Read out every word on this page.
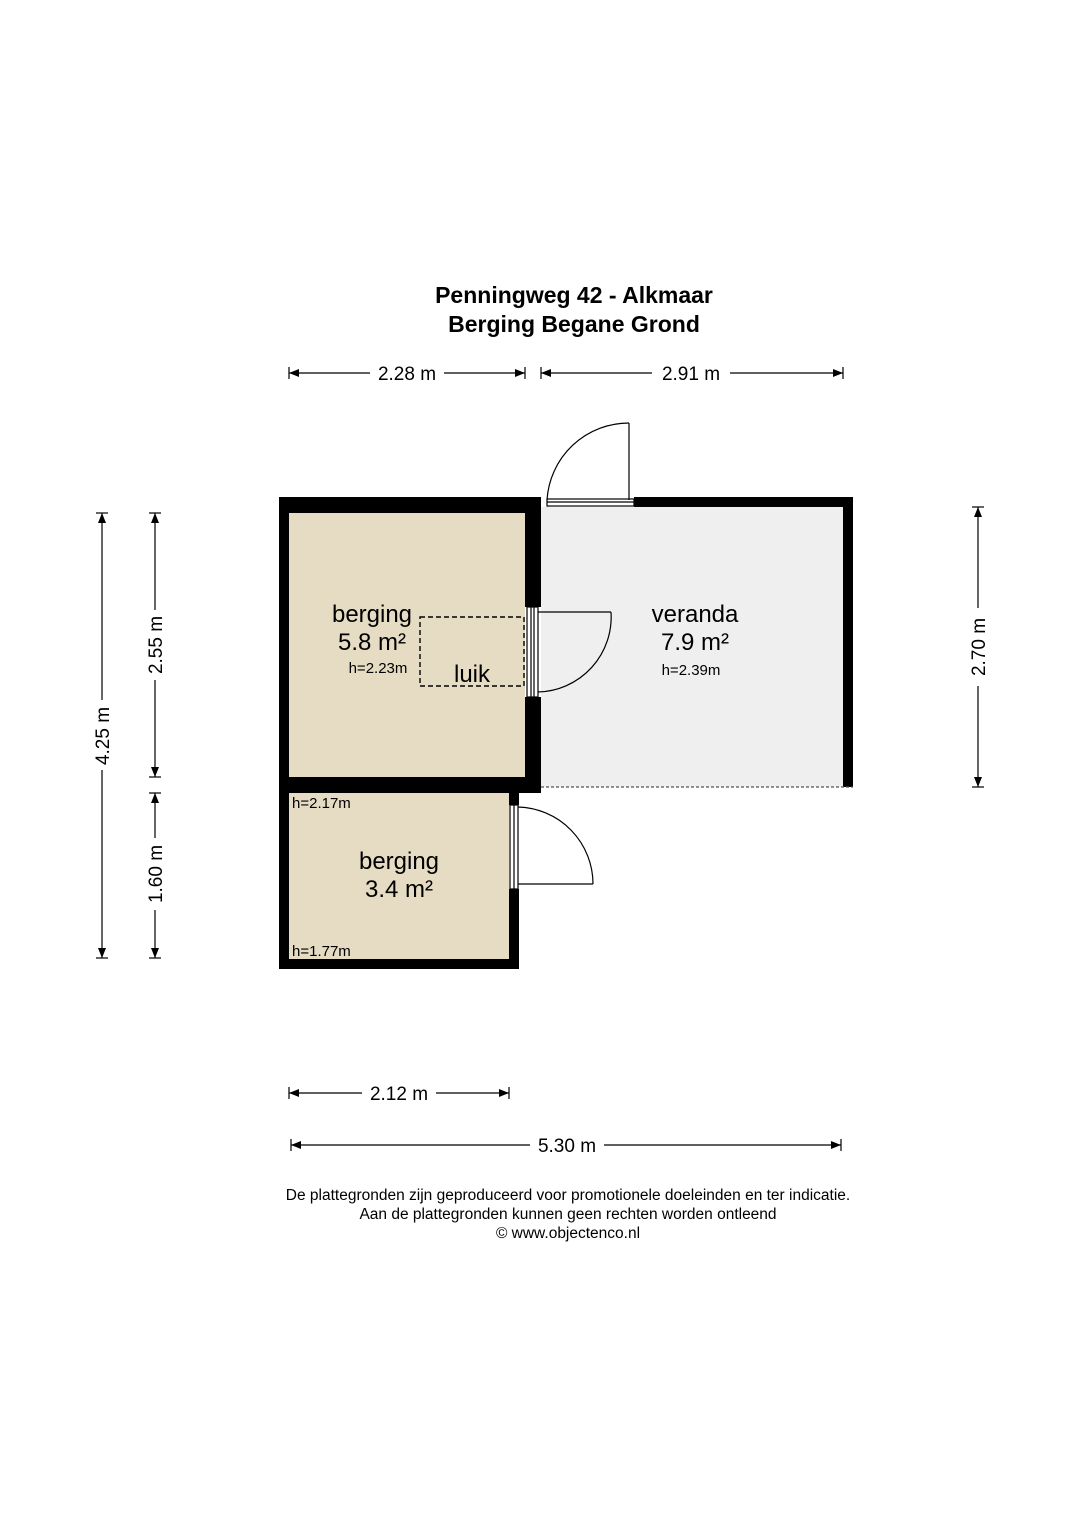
Penningweg 42 - Alkmaar
Berging Begane Grond
berging
5.8 m²
h=2.23m luik
veranda
7.9 m²
h=2.39m
h=2.17m
berging
3.4 m²
h=1.77m
2.28 m	2.91 m
4.25 m
2.55 m
1.60 m
2.70 m
2.12 m
5.30 m
De plattegronden zijn geproduceerd voor promotionele doeleinden en ter indicatie.
Aan de plattegronden kunnen geen rechten worden ontleend
© www.objectenco.nl
